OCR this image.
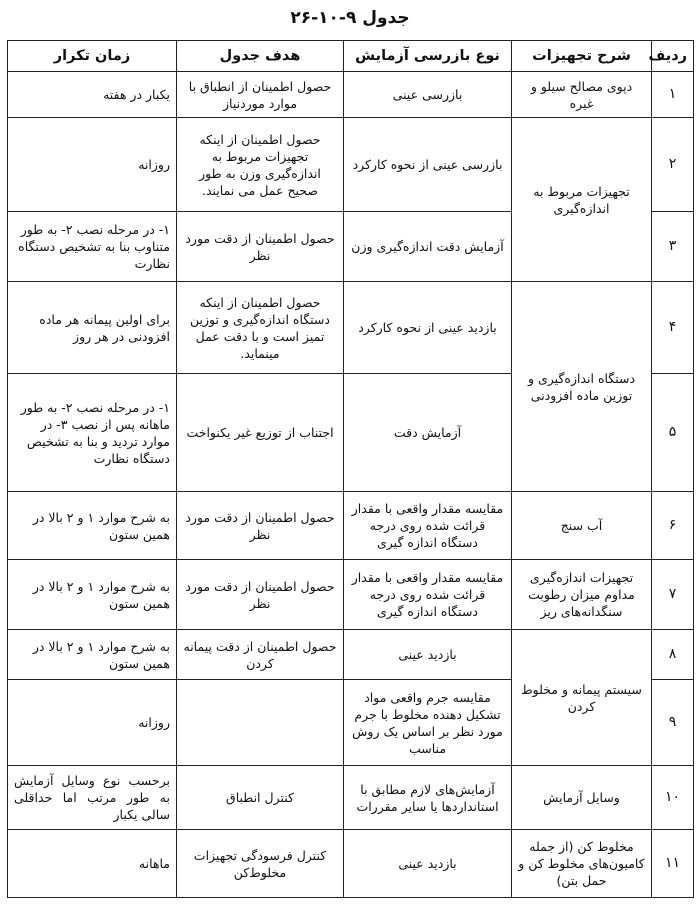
جدول ۹-۱۰-۲۶
ردیف	شرح تجهیزات	نوع بازرسی آزمایش	هدف جدول	زمان تکرار
۱	دپوی مصالح سیلو و غیره	بازرسی عینی	حصول اطمینان از انطباق با موارد موردنیاز	یکبار در هفته
۲	تجهیزات مربوط به اندازه‌گیری	بازرسی عینی از نحوه کارکرد	حصول اطمینان از اینکه تجهیزات مربوط به اندازه‌گیری وزن به طور صحیح عمل می نمایند.	روزانه
۳		آزمایش دقت اندازه‌گیری وزن	حصول اطمینان از دقت مورد نظر	۱- در مرحله نصب ۲- به طور متناوب بنا به تشخیص دستگاه نظارت
۴	دستگاه اندازه‌گیری و توزین ماده افزودنی	بازدید عینی از نحوه کارکرد	حصول اطمینان از اینکه دستگاه اندازه‌گیری و توزین تمیز است و با دقت عمل مینماید.	برای اولین پیمانه هر ماده افزودنی در هر روز
۵		آزمایش دقت	اجتناب از توزیع غیر یکنواخت	۱- در مرحله نصب ۲- به طور ماهانه پس از نصب ۳- در موارد تردید و بنا به تشخیص دستگاه نظارت
۶	آب سنج	مقایسه مقدار واقعی با مقدار قرائت شده روی درجه دستگاه اندازه گیری	حصول اطمینان از دقت مورد نظر	به شرح موارد ۱ و ۲ بالا در همین ستون
۷	تجهیزات اندازه‌گیری مداوم میزان رطوبت سنگدانه‌های ریز	مقایسه مقدار واقعی با مقدار قرائت شده روی درجه دستگاه اندازه گیری	حصول اطمینان از دقت مورد نظر	به شرح موارد ۱ و ۲ بالا در همین ستون
۸	سیستم پیمانه و مخلوط کردن	بازدید عینی	حصول اطمینان از دقت پیمانه کردن	به شرح موارد ۱ و ۲ بالا در همین ستون
۹		مقایسه جرم واقعی مواد تشکیل دهنده مخلوط با جرم مورد نظر بر اساس یک روش مناسب		روزانه
۱۰	وسایل آزمایش	آزمایش‌های لازم مطابق با استانداردها یا سایر مقررات	کنترل انطباق	برحسب نوع وسایل آزمایش به طور مرتب اما حداقلی سالی یکبار
۱۱	مخلوط کن (از جمله کامیون‌های مخلوط کن و حمل بتن)	بازدید عینی	کنترل فرسودگی تجهیزات مخلوط‌کن	ماهانه
